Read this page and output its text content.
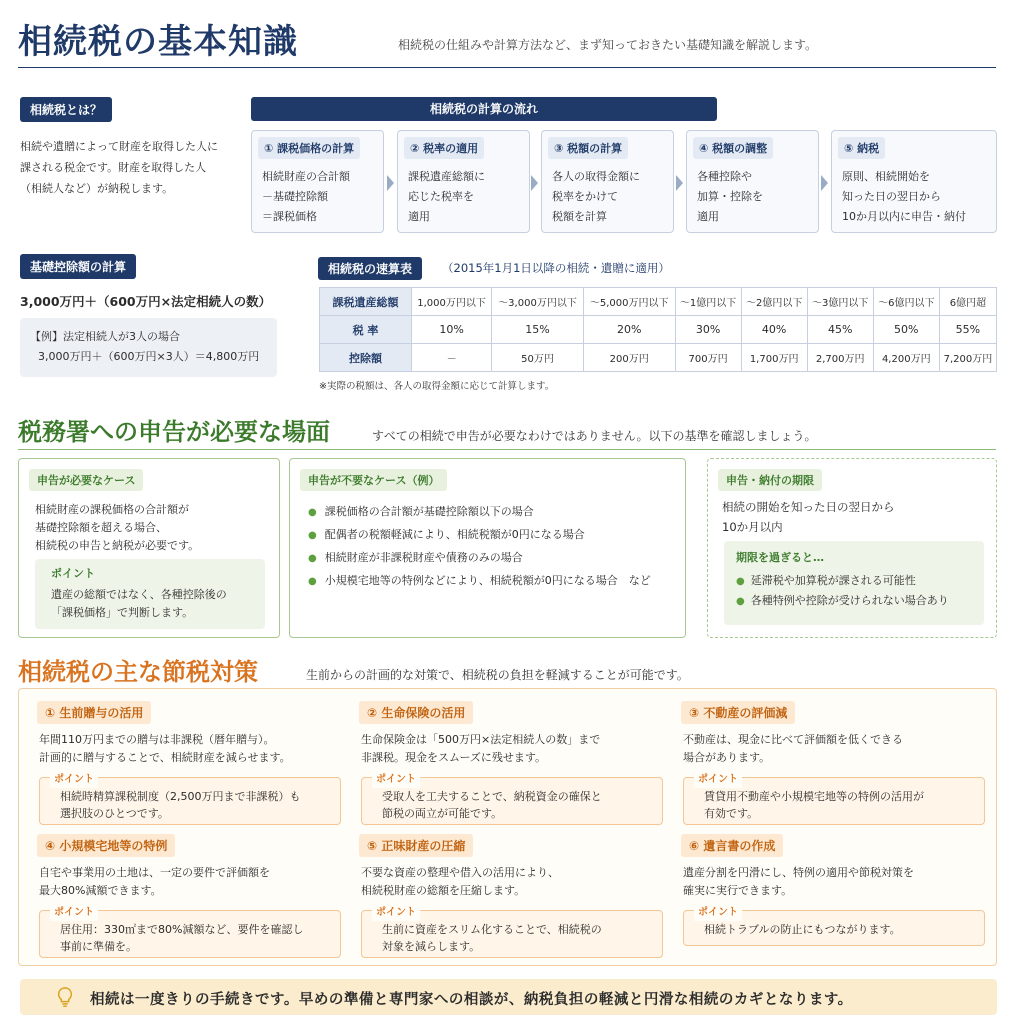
相続税の基本知識	相続税の仕組みや計算方法など、まず知っておきたい基礎知識を解説します。
相続税とは？
相続や遺贈によって財産を取得した人に
課される税金です。財産を取得した人
（相続人など）が納税します。
相続税の計算の流れ
① 課税価格の計算
相続財産の合計額
－基礎控除額
＝課税価格
② 税率の適用
課税遺産総額に
応じた税率を
適用
③ 税額の計算
各人の取得金額に
税率をかけて
税額を計算
④ 税額の調整
各種控除や
加算・控除を
適用
⑤ 納税
原則、相続開始を
知った日の翌日から
10か月以内に申告・納付
基礎控除額の計算
3,000万円＋（600万円×法定相続人の数）
【例】法定相続人が3人の場合
3,000万円＋（600万円×3人）＝4,800万円
相続税の速算表	（2015年1月1日以降の相続・遺贈に適用）
課税遺産総額	1,000万円以下	～3,000万円以下	～5,000万円以下	～1億円以下	～2億円以下	～3億円以下	～6億円以下	6億円超
税 率	10%	15%	20%	30%	40%	45%	50%	55%
控除額	－	50万円	200万円	700万円	1,700万円	2,700万円	4,200万円	7,200万円
※実際の税額は、各人の取得金額に応じて計算します。
税務署への申告が必要な場面	すべての相続で申告が必要なわけではありません。以下の基準を確認しましょう。
申告が必要なケース
相続財産の課税価格の合計額が
基礎控除額を超える場合、
相続税の申告と納税が必要です。
ポイント
遺産の総額ではなく、各種控除後の
「課税価格」で判断します。
申告が不要なケース（例）
● 課税価格の合計額が基礎控除額以下の場合
● 配偶者の税額軽減により、相続税額が0円になる場合
● 相続財産が非課税財産や債務のみの場合
● 小規模宅地等の特例などにより、相続税額が0円になる場合　など
申告・納付の期限
相続の開始を知った日の翌日から
10か月以内
期限を過ぎると…
● 延滞税や加算税が課される可能性
● 各種特例や控除が受けられない場合あり
相続税の主な節税対策	生前からの計画的な対策で、相続税の負担を軽減することが可能です。
① 生前贈与の活用
年間110万円までの贈与は非課税（暦年贈与）。
計画的に贈与することで、相続財産を減らせます。
ポイント
相続時精算課税制度（2,500万円まで非課税）も
選択肢のひとつです。
② 生命保険の活用
生命保険金は「500万円×法定相続人の数」まで
非課税。現金をスムーズに残せます。
ポイント
受取人を工夫することで、納税資金の確保と
節税の両立が可能です。
③ 不動産の評価減
不動産は、現金に比べて評価額を低くできる
場合があります。
ポイント
賃貸用不動産や小規模宅地等の特例の活用が
有効です。
④ 小規模宅地等の特例
自宅や事業用の土地は、一定の要件で評価額を
最大80%減額できます。
ポイント
居住用：330㎡まで80%減額など、要件を確認し
事前に準備を。
⑤ 正味財産の圧縮
不要な資産の整理や借入の活用により、
相続税財産の総額を圧縮します。
ポイント
生前に資産をスリム化することで、相続税の
対象を減らします。
⑥ 遺言書の作成
遺産分割を円滑にし、特例の適用や節税対策を
確実に実行できます。
ポイント
相続トラブルの防止にもつながります。
相続は一度きりの手続きです。早めの準備と専門家への相談が、納税負担の軽減と円滑な相続のカギとなります。
